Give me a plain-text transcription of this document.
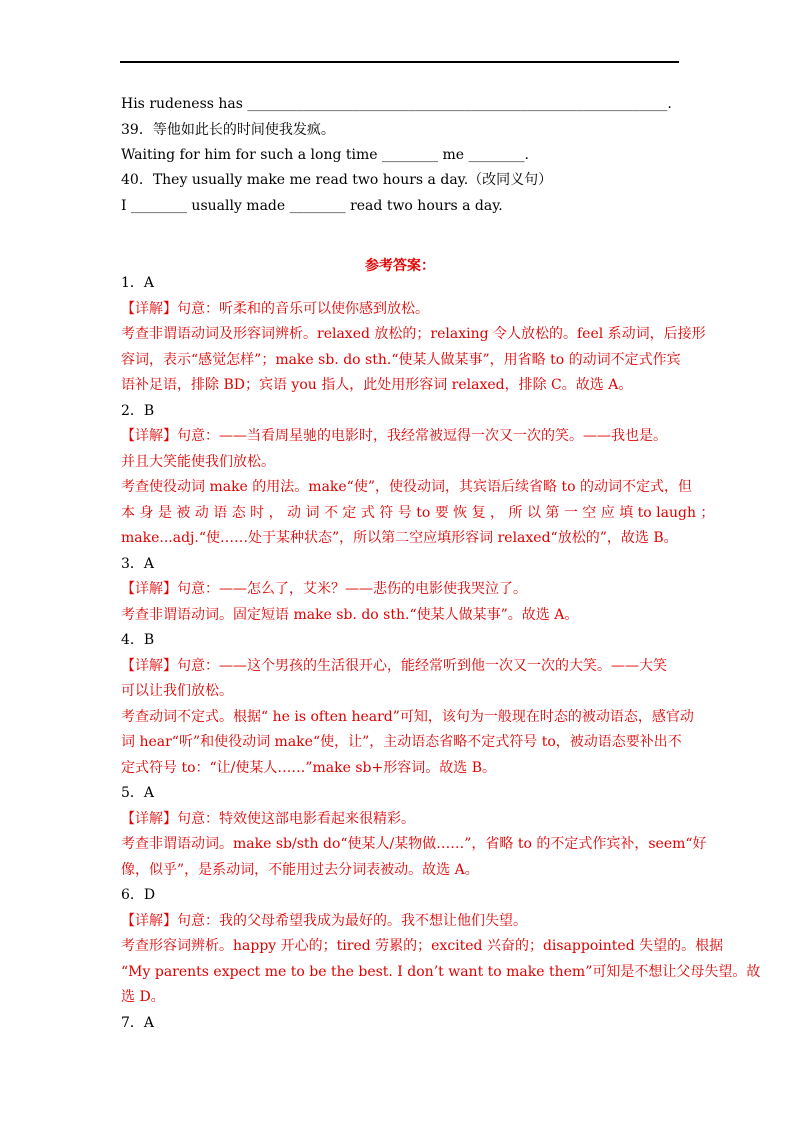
His rudeness has ____________________________________________________________.
39．等他如此长的时间使我发疯。
Waiting for him for such a long time ________ me ________.
40．They usually make me read two hours a day.（改同义句）
I ________ usually made ________ read two hours a day.
参考答案：
1．A
【详解】句意：听柔和的音乐可以使你感到放松。
考查非谓语动词及形容词辨析。relaxed 放松的；relaxing 令人放松的。feel 系动词，后接形
容词，表示“感觉怎样”；make sb. do sth.“使某人做某事”，用省略 to 的动词不定式作宾
语补足语，排除 BD；宾语 you 指人，此处用形容词 relaxed，排除 C。故选 A。
2．B
【详解】句意：——当看周星驰的电影时，我经常被逗得一次又一次的笑。——我也是。
并且大笑能使我们放松。
考查使役动词 make 的用法。make“使”，使役动词，其宾语后续省略 to 的动词不定式，但
本 身 是 被 动 语 态 时 ， 动 词 不 定 式 符 号 to 要 恢 复 ， 所 以 第 一 空 应 填 to laugh ；
make...adj.“使……处于某种状态”，所以第二空应填形容词 relaxed“放松的”，故选 B。
3．A
【详解】句意：——怎么了，艾米？——悲伤的电影使我哭泣了。
考查非谓语动词。固定短语 make sb. do sth.“使某人做某事”。故选 A。
4．B
【详解】句意：——这个男孩的生活很开心，能经常听到他一次又一次的大笑。——大笑
可以让我们放松。
考查动词不定式。根据“ he is often heard”可知，该句为一般现在时态的被动语态，感官动
词 hear“听”和使役动词 make“使，让”，主动语态省略不定式符号 to，被动语态要补出不
定式符号 to：“让/使某人……”make sb+形容词。故选 B。
5．A
【详解】句意：特效使这部电影看起来很精彩。
考查非谓语动词。make sb/sth do“使某人/某物做……”，省略 to 的不定式作宾补，seem“好
像，似乎”，是系动词，不能用过去分词表被动。故选 A。
6．D
【详解】句意：我的父母希望我成为最好的。我不想让他们失望。
考查形容词辨析。happy 开心的；tired 劳累的；excited 兴奋的；disappointed 失望的。根据
“My parents expect me to be the best. I don’t want to make them”可知是不想让父母失望。故
选 D。
7．A
